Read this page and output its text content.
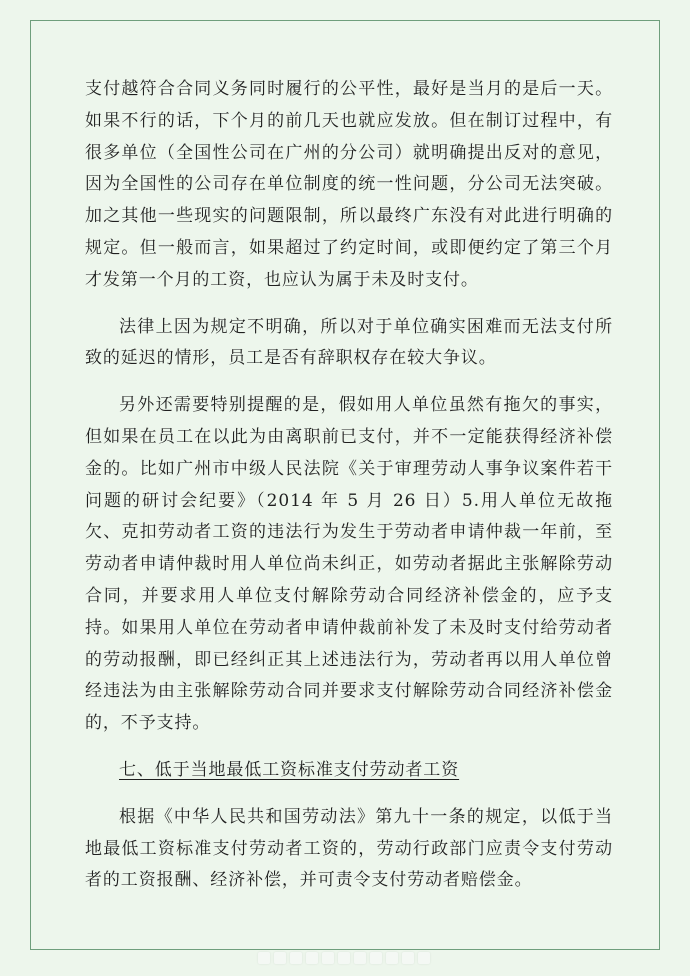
支付越符合合同义务同时履行的公平性，最好是当月的是后一天。如果不行的话，下个月的前几天也就应发放。但在制订过程中，有很多单位（全国性公司在广州的分公司）就明确提出反对的意见，因为全国性的公司存在单位制度的统一性问题，分公司无法突破。加之其他一些现实的问题限制，所以最终广东没有对此进行明确的规定。但一般而言，如果超过了约定时间，或即便约定了第三个月才发第一个月的工资，也应认为属于未及时支付。

法律上因为规定不明确，所以对于单位确实困难而无法支付所致的延迟的情形，员工是否有辞职权存在较大争议。

另外还需要特别提醒的是，假如用人单位虽然有拖欠的事实，但如果在员工在以此为由离职前已支付，并不一定能获得经济补偿金的。比如广州市中级人民法院《关于审理劳动人事争议案件若干问题的研讨会纪要》（2014 年 5 月 26 日）5.用人单位无故拖欠、克扣劳动者工资的违法行为发生于劳动者申请仲裁一年前，至劳动者申请仲裁时用人单位尚未纠正，如劳动者据此主张解除劳动合同，并要求用人单位支付解除劳动合同经济补偿金的，应予支持。如果用人单位在劳动者申请仲裁前补发了未及时支付给劳动者的劳动报酬，即已经纠正其上述违法行为，劳动者再以用人单位曾经违法为由主张解除劳动合同并要求支付解除劳动合同经济补偿金的，不予支持。

七、低于当地最低工资标准支付劳动者工资

根据《中华人民共和国劳动法》第九十一条的规定，以低于当地最低工资标准支付劳动者工资的，劳动行政部门应责令支付劳动者的工资报酬、经济补偿，并可责令支付劳动者赔偿金。
